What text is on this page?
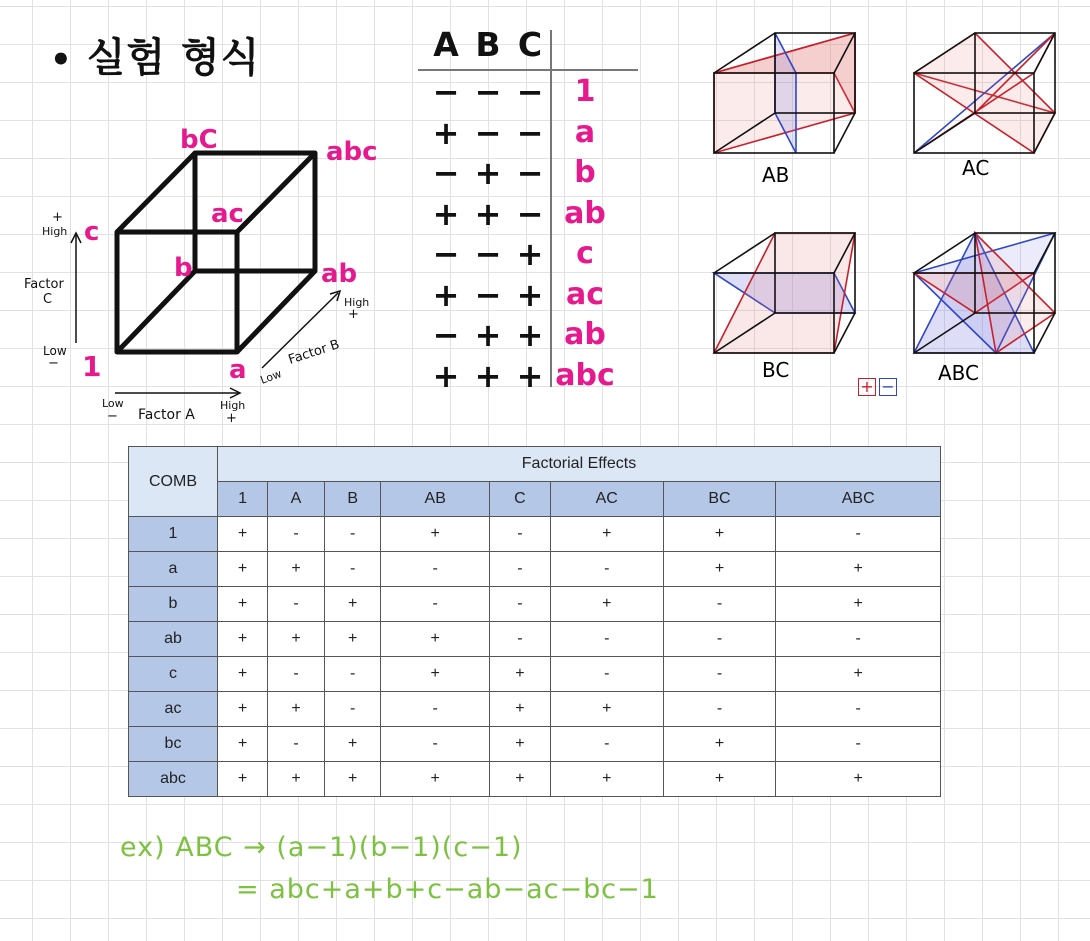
• 실험 형식
bC	abc
c
ac
b	ab
1	a
+
High
Factor
C
Low
−
Low
− Factor A
High
+
Low
Factor B
High
+
A B C
− − −	1
+ − −	a
− + −	b
+ + − ab
− − +	c
+ − + ac
− + + ab
+ + + abc
AB	AC
BC	ABC
+ −
COMB	Factorial Effects							
	1	A	B	AB	C	AC	BC	ABC
1	+	-	-	+	-	+	+	-
a	+	+	-	-	-	-	+	+
b	+	-	+	-	-	+	-	+
ab	+	+	+	+	-	-	-	-
c	+	-	-	+	+	-	-	+
ac	+	+	-	-	+	+	-	-
bc	+	-	+	-	+	-	+	-
abc	+	+	+	+	+	+	+	+
ex) ABC → (a−1)(b−1)(c−1)
= abc+a+b+c−ab−ac−bc−1
